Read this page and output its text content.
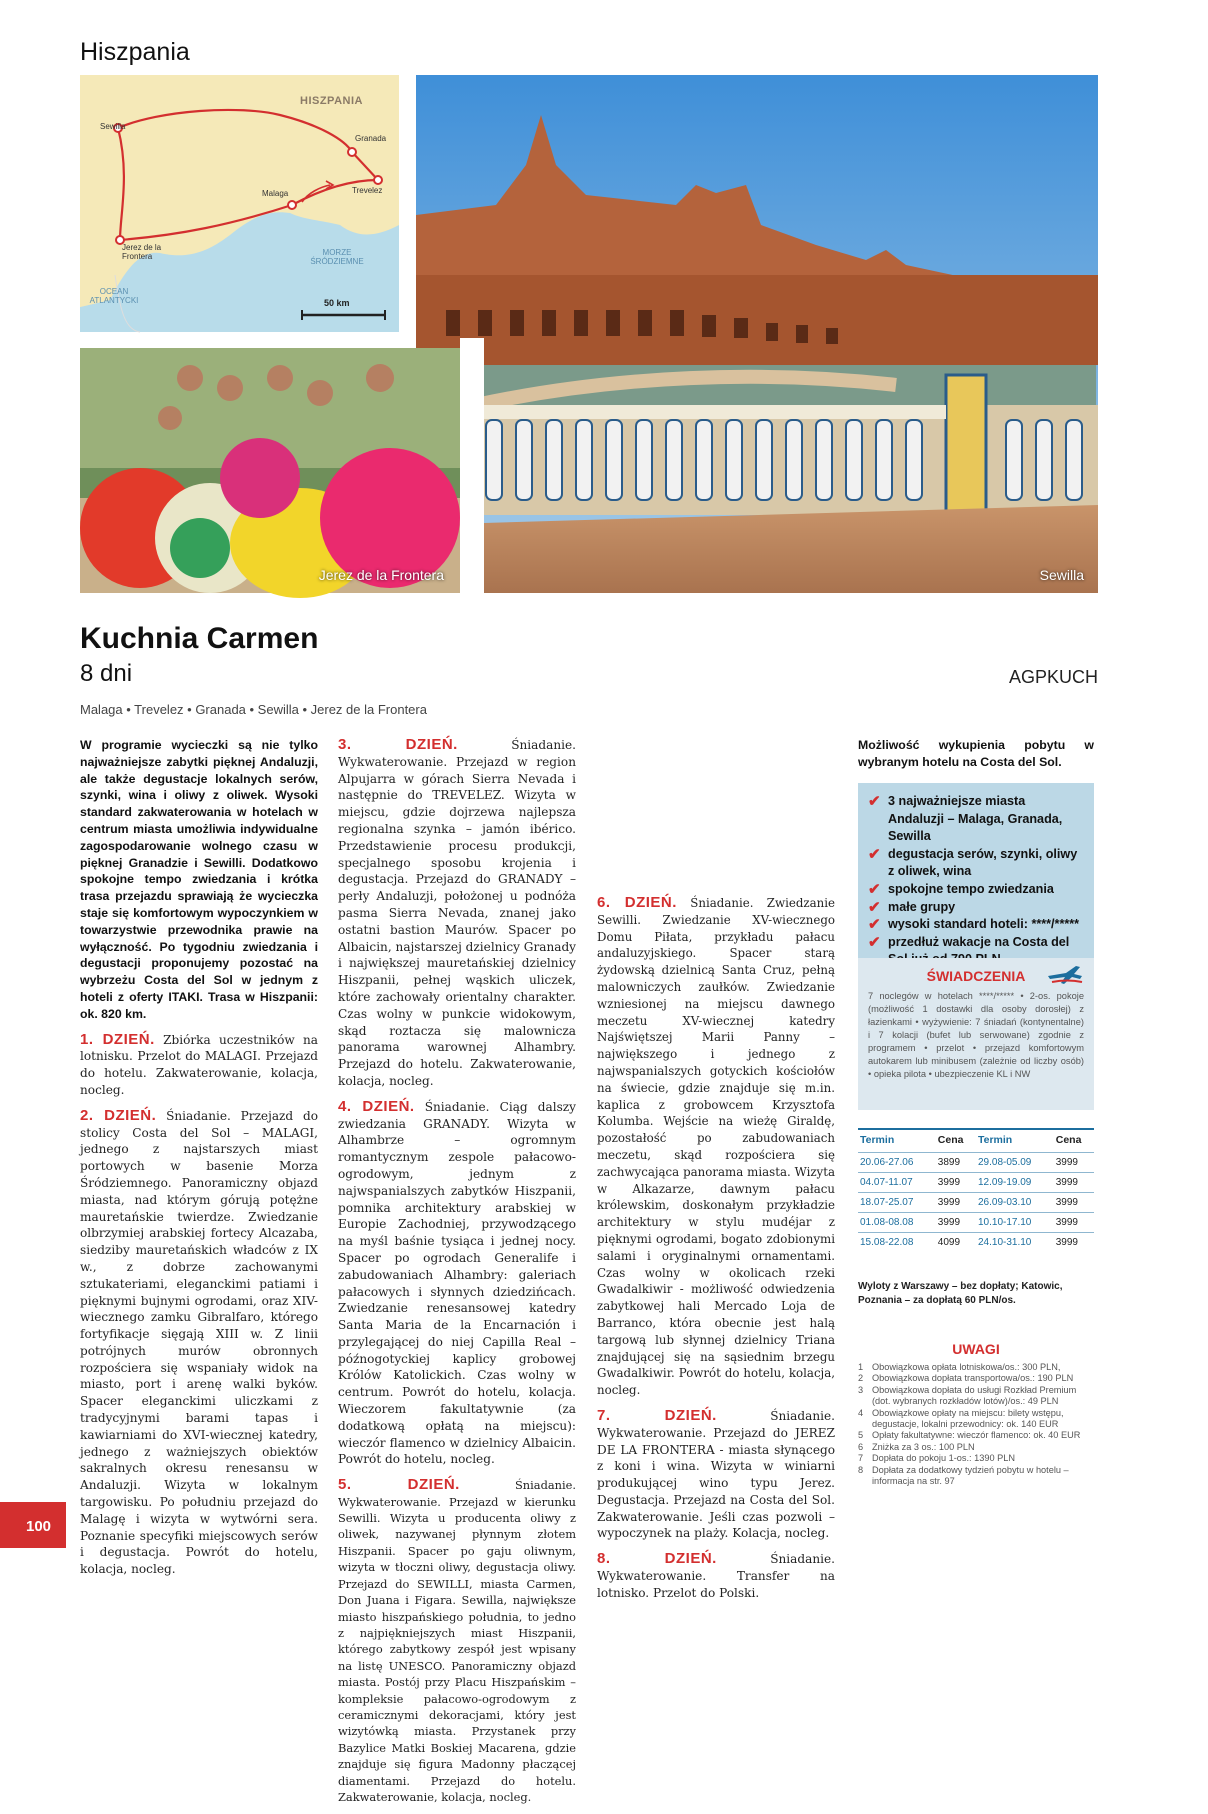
Hiszpania
HISZPANIA
Sewilla
Granada
Malaga	Trevelez
Jerez de la Frontera	MORZE ŚRÓDZIEMNE
OCEAN ATLANTYCKI	50 km
Sewilla
Jerez de la Frontera
Kuchnia Carmen
8 dni	AGPKUCH
Malaga • Trevelez • Granada • Sewilla • Jerez de la Frontera

W programie wycieczki są nie tylko najważniejsze zabytki pięknej Andaluzji, ale także degustacje lokalnych serów, szynki, wina i oliwy z oliwek. Wysoki standard zakwaterowania w hotelach w centrum miasta umożliwia indywidualne zagospodarowanie wolnego czasu w pięknej Granadzie i Sewilli. Dodatkowo spokojne tempo zwiedzania i krótka trasa przejazdu sprawiają że wycieczka staje się komfortowym wypoczynkiem w towarzystwie przewodnika prawie na wyłączność. Po tygodniu zwiedzania i degustacji proponujemy pozostać na wybrzeżu Costa del Sol w jednym z hoteli z oferty ITAKI. Trasa w Hiszpanii: ok. 820 km.

1. DZIEŃ. Zbiórka uczestników na lotnisku. Przelot do MALAGI. Przejazd do hotelu. Zakwaterowanie, kolacja, nocleg.

2. DZIEŃ. Śniadanie. Przejazd do stolicy Costa del Sol – MALAGI, jednego z najstarszych miast portowych w basenie Morza Śródziemnego. Panoramiczny objazd miasta, nad którym górują potężne mauretańskie twierdze. Zwiedzanie olbrzymiej arabskiej fortecy Alcazaba, siedziby mauretańskich władców z IX w., z dobrze zachowanymi sztukateriami, eleganckimi patiami i pięknymi bujnymi ogrodami, oraz XIV-wiecznego zamku Gibralfaro, którego fortyfikacje sięgają XIII w. Z linii potrójnych murów obronnych rozpościera się wspaniały widok na miasto, port i arenę walki byków. Spacer eleganckimi uliczkami z tradycyjnymi barami tapas i kawiarniami do XVI-wiecznej katedry, jednego z ważniejszych obiektów sakralnych okresu renesansu w Andaluzji. Wizyta w lokalnym targowisku. Po południu przejazd do Malagę i wizyta w wytwórni sera. Poznanie specyfiki miejscowych serów i degustacja. Powrót do hotelu, kolacja, nocleg.

3. DZIEŃ.	Śniadanie. Wykwaterowanie. Przejazd w region Alpujarra w górach Sierra Nevada i następnie do TREVELEZ. Wizyta w miejscu, gdzie dojrzewa najlepsza regionalna szynka – jamón ibérico. Przedstawienie procesu produkcji, specjalnego sposobu krojenia i degustacja. Przejazd do GRANADY – perły Andaluzji, położonej u podnóża pasma Sierra Nevada, znanej jako ostatni bastion Maurów. Spacer po Albaicin, najstarszej dzielnicy Granady i największej mauretańskiej dzielnicy Hiszpanii, pełnej wąskich uliczek, które zachowały orientalny charakter. Czas wolny w punkcie widokowym, skąd roztacza się malownicza panorama warownej Alhambry. Przejazd do hotelu. Zakwaterowanie, kolacja, nocleg.

4. DZIEŃ. Śniadanie. Ciąg dalszy zwiedzania GRANADY. Wizyta w Alhambrze – ogromnym romantycznym zespole pałacowo-ogrodowym, jednym z najwspanialszych zabytków Hiszpanii, pomnika architektury arabskiej w Europie Zachodniej, przywodzącego na myśl baśnie tysiąca i jednej nocy. Spacer po ogrodach Generalife i zabudowaniach Alhambry: galeriach pałacowych i słynnych dziedzińcach. Zwiedzanie renesansowej katedry Santa Maria de la Encarnación i przylegającej do niej Capilla Real – późnogotyckiej kaplicy grobowej Królów Katolickich. Czas wolny w centrum. Powrót do hotelu, kolacja. Wieczorem fakultatywnie (za dodatkową opłatą na miejscu): wieczór flamenco w dzielnicy Albaicin. Powrót do hotelu, nocleg.

5. DZIEŃ.	Śniadanie. Wykwaterowanie. Przejazd w kierunku Sewilli. Wizyta u producenta oliwy z oliwek, nazywanej płynnym złotem Hiszpanii. Spacer po gaju oliwnym, wizyta w tłoczni oliwy, degustacja oliwy. Przejazd do SEWILLI, miasta Carmen, Don Juana i Figara. Sewilla, największe miasto hiszpańskiego południa, to jedno z najpiękniejszych miast Hiszpanii, którego zabytkowy zespół jest wpisany na listę UNESCO. Panoramiczny objazd miasta. Postój przy Placu Hiszpańskim – kompleksie pałacowo-ogrodowym z ceramicznymi dekoracjami, który jest wizytówką miasta. Przystanek przy Bazylice Matki Boskiej Macarena, gdzie znajduje się figura Madonny płaczącej diamentami. Przejazd do hotelu. Zakwaterowanie, kolacja, nocleg.

6. DZIEŃ. Śniadanie. Zwiedzanie Sewilli. Zwiedzanie XV-wiecznego Domu Piłata, przykładu pałacu andaluzyjskiego. Spacer starą żydowską dzielnicą Santa Cruz, pełną malowniczych zaułków. Zwiedzanie wzniesionej na miejscu dawnego meczetu XV-wiecznej katedry Najświętszej Marii Panny – największego i jednego z najwspanialszych gotyckich kościołów na świecie, gdzie znajduje się m.in. kaplica z grobowcem Krzysztofa Kolumba. Wejście na wieżę Giraldę, pozostałość po zabudowaniach meczetu, skąd rozpościera się zachwycająca panorama miasta. Wizyta w Alkazarze, dawnym pałacu królewskim, doskonałym przykładzie architektury w stylu mudéjar z pięknymi ogrodami, bogato zdobionymi salami i oryginalnymi ornamentami. Czas wolny w okolicach rzeki Gwadalkiwir - możliwość odwiedzenia zabytkowej hali Mercado Loja de Barranco, która obecnie jest halą targową lub słynnej dzielnicy Triana znajdującej się na sąsiednim brzegu Gwadalkiwir. Powrót do hotelu, kolacja, nocleg.

7. DZIEŃ.	Śniadanie. Wykwaterowanie. Przejazd do JEREZ DE LA FRONTERA - miasta słynącego z koni i wina. Wizyta w winiarni produkującej wino typu Jerez. Degustacja. Przejazd na Costa del Sol. Zakwaterowanie. Jeśli czas pozwoli – wypoczynek na plaży. Kolacja, nocleg.

8. DZIEŃ.	Śniadanie. Wykwaterowanie. Transfer na lotnisko. Przelot do Polski.

Możliwość wykupienia pobytu w wybranym hotelu na Costa del Sol.
✔ 3 najważniejsze miasta Andaluzji – Malaga, Granada, Sewilla
✔ degustacja serów, szynki, oliwy z oliwek, wina
✔ spokojne tempo zwiedzania
✔ małe grupy
✔ wysoki standard hoteli: ****/*****
✔ przedłuż wakacje na Costa del
ŚWIADCZENIA
7 noclegów w hotelach ****/***** • 2-os. pokoje (możliwość 1 dostawki dla osoby dorosłej) z łazienkami • wyżywienie: 7 śniadań (kontynentalne) i 7 kolacji (bufet lub serwowane) zgodnie z programem • przelot • przejazd komfortowym autokarem lub minibusem (zależnie od liczby osób) • opieka pilota • ubezpieczenie KL i NW
Termin	Cena	Termin	Cena
20.06-27.06	3899	29.08-05.09	3999
04.07-11.07	3999	12.09-19.09	3999
18.07-25.07	3999	26.09-03.10	3999
01.08-08.08	3999	10.10-17.10	3999
15.08-22.08	4099	24.10-31.10	3999
Wyloty z Warszawy – bez dopłaty; Katowic, Poznania – za dopłatą 60 PLN/os.
UWAGI
1 Obowiązkowa opłata lotniskowa/os.: 300 PLN,
2 Obowiązkowa dopłata transportowa/os.: 190 PLN
3 Obowiązkowa dopłata do usługi Rozkład Premium (dot. wybranych rozkładów lotów)/os.: 49 PLN
4 Obowiązkowe opłaty na miejscu: bilety wstępu, degustacje, lokalni przewodnicy: ok. 140 EUR
5 Opłaty fakultatywne: wieczór flamenco: ok. 40 EUR
6 Zniżka za 3 os.: 100 PLN
7 Dopłata do pokoju 1-os.: 1390 PLN
8 Dopłata za dodatkowy tydzień pobytu w hotelu – informacja na str. 97
100
